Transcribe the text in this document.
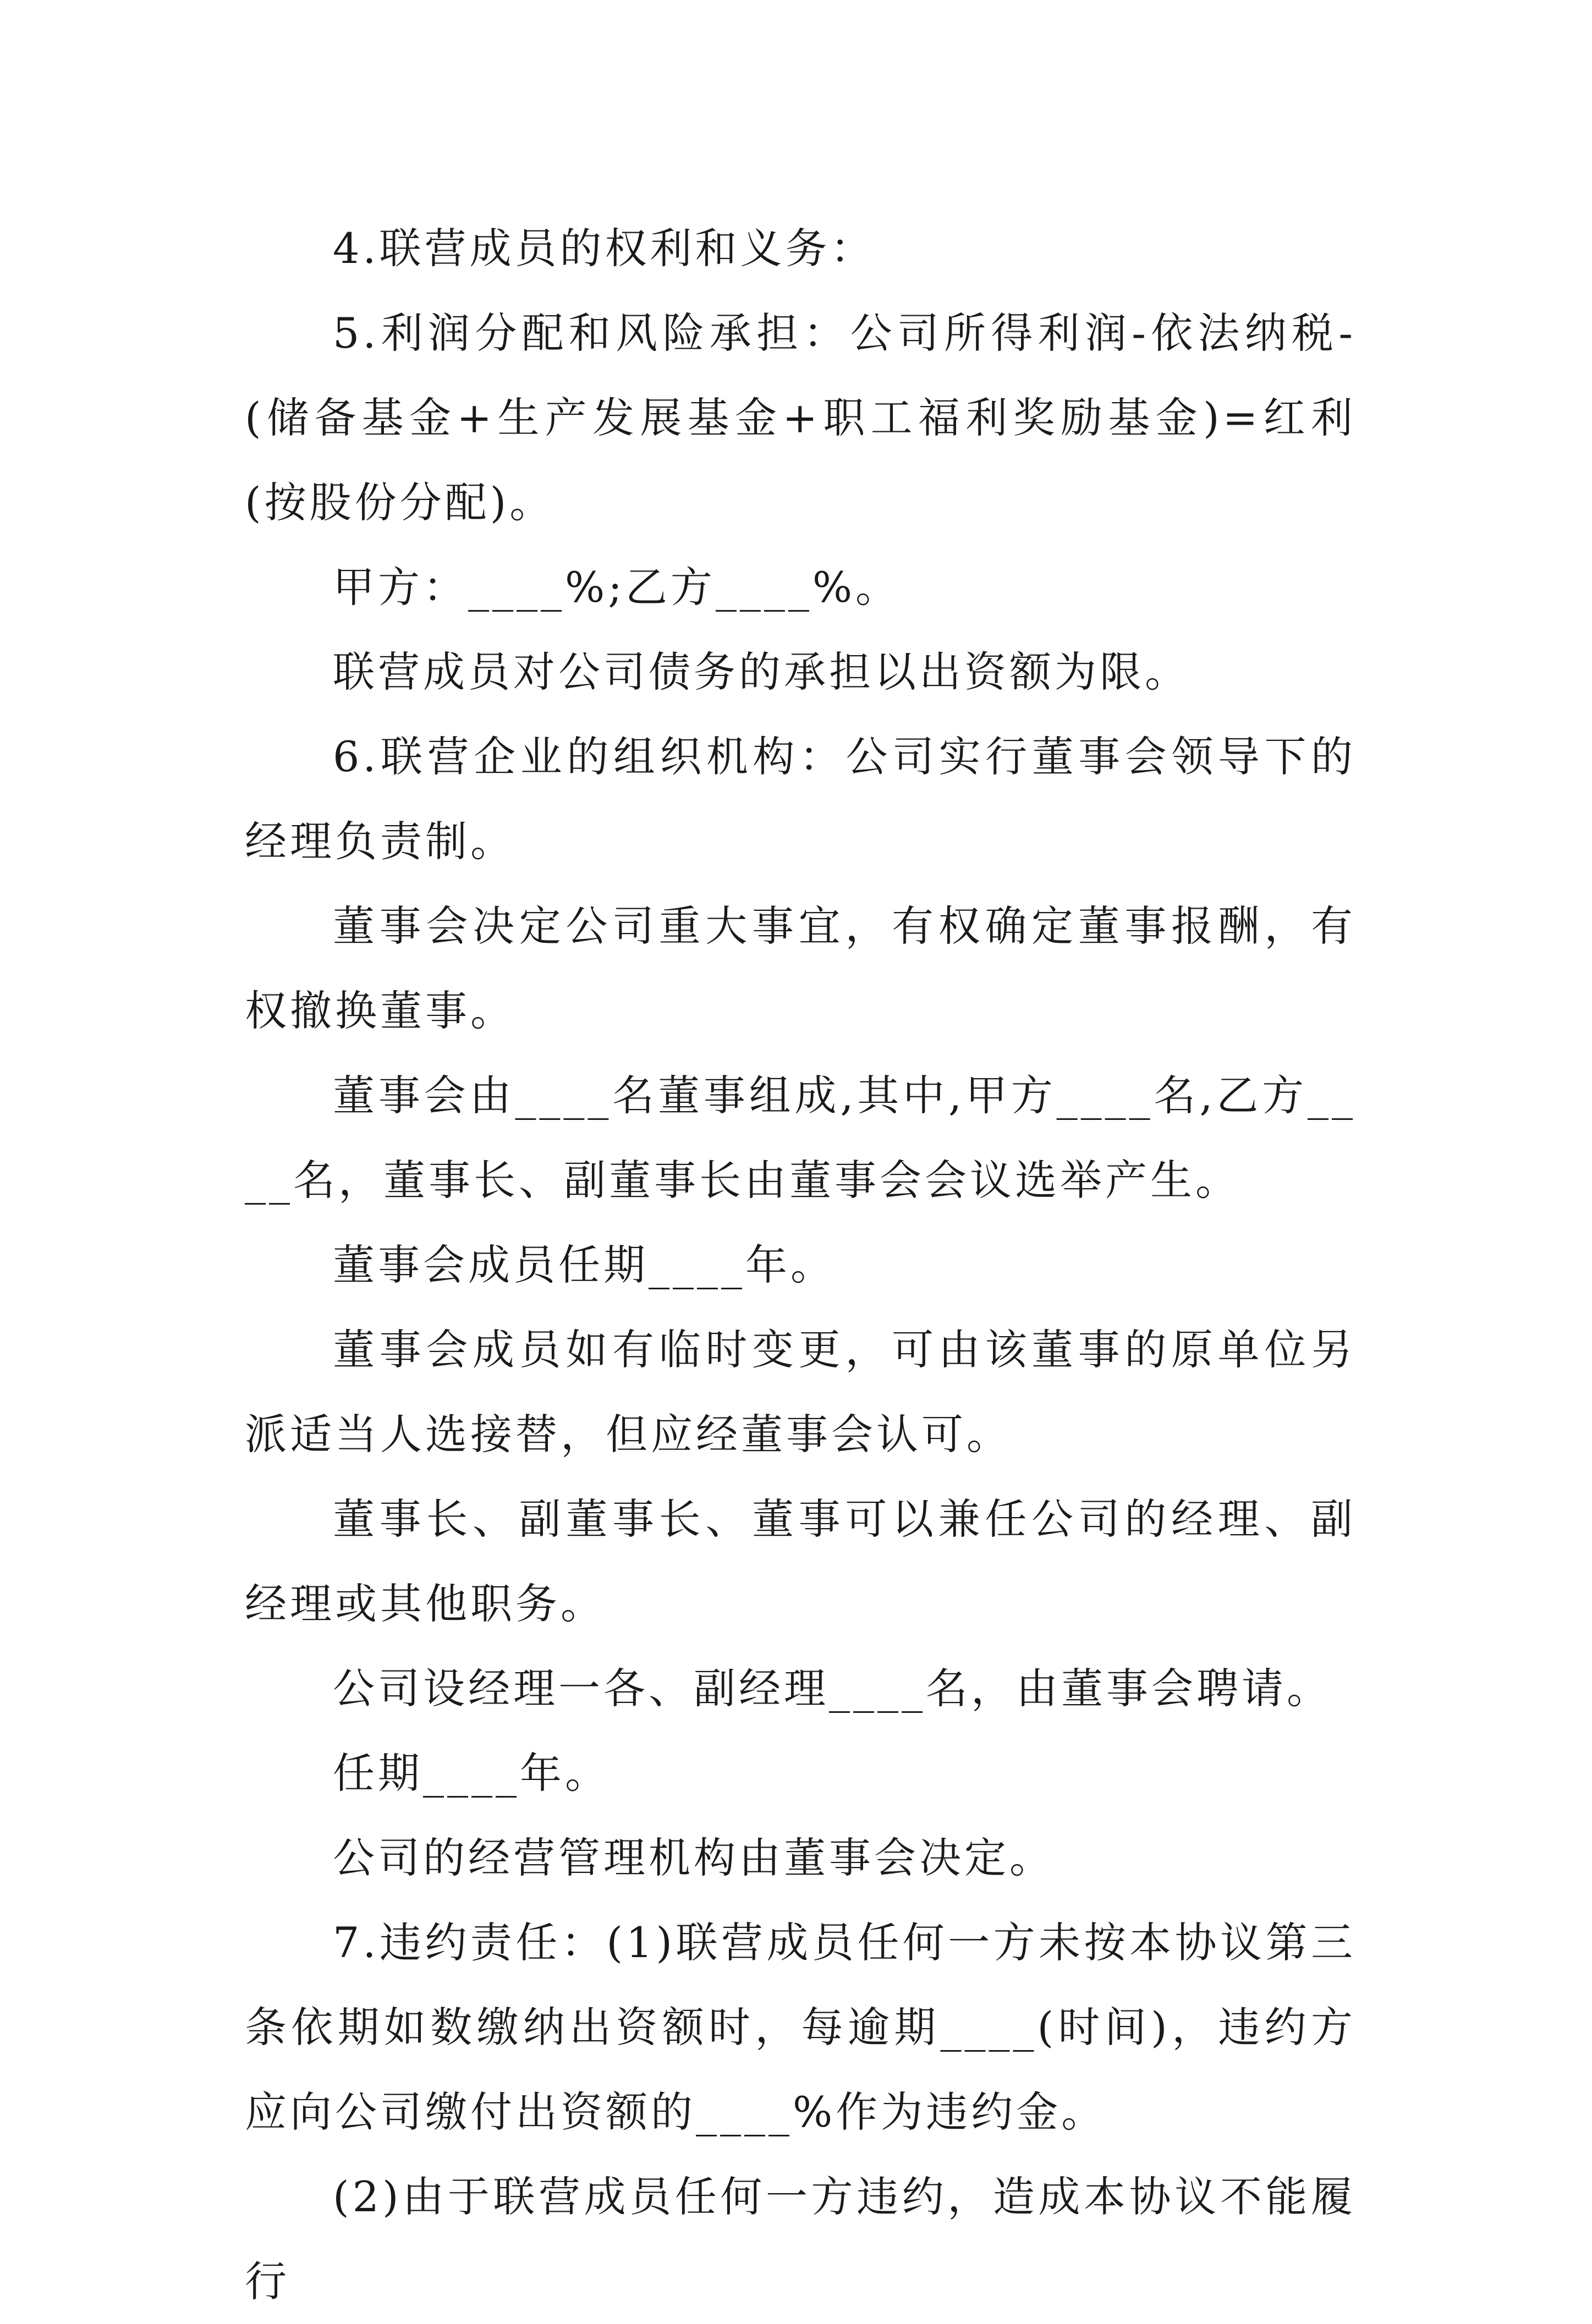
4.联营成员的权利和义务：

5.利润分配和风险承担：公司所得利润-依法纳税-(储备基金+生产发展基金+职工福利奖励基金)=红利(按股份分配)。

甲方：____%;乙方____%。

联营成员对公司债务的承担以出资额为限。

6.联营企业的组织机构：公司实行董事会领导下的经理负责制。

董事会决定公司重大事宜，有权确定董事报酬，有权撤换董事。

董事会由____名董事组成,其中,甲方____名,乙方____名，董事长、副董事长由董事会会议选举产生。

董事会成员任期____年。

董事会成员如有临时变更，可由该董事的原单位另派适当人选接替，但应经董事会认可。

董事长、副董事长、董事可以兼任公司的经理、副经理或其他职务。

公司设经理一各、副经理____名，由董事会聘请。

任期____年。

公司的经营管理机构由董事会决定。

7.违约责任：(1)联营成员任何一方未按本协议第三条依期如数缴纳出资额时，每逾期____(时间)，违约方应向公司缴付出资额的____%作为违约金。

(2)由于联营成员任何一方违约，造成本协议不能履行
